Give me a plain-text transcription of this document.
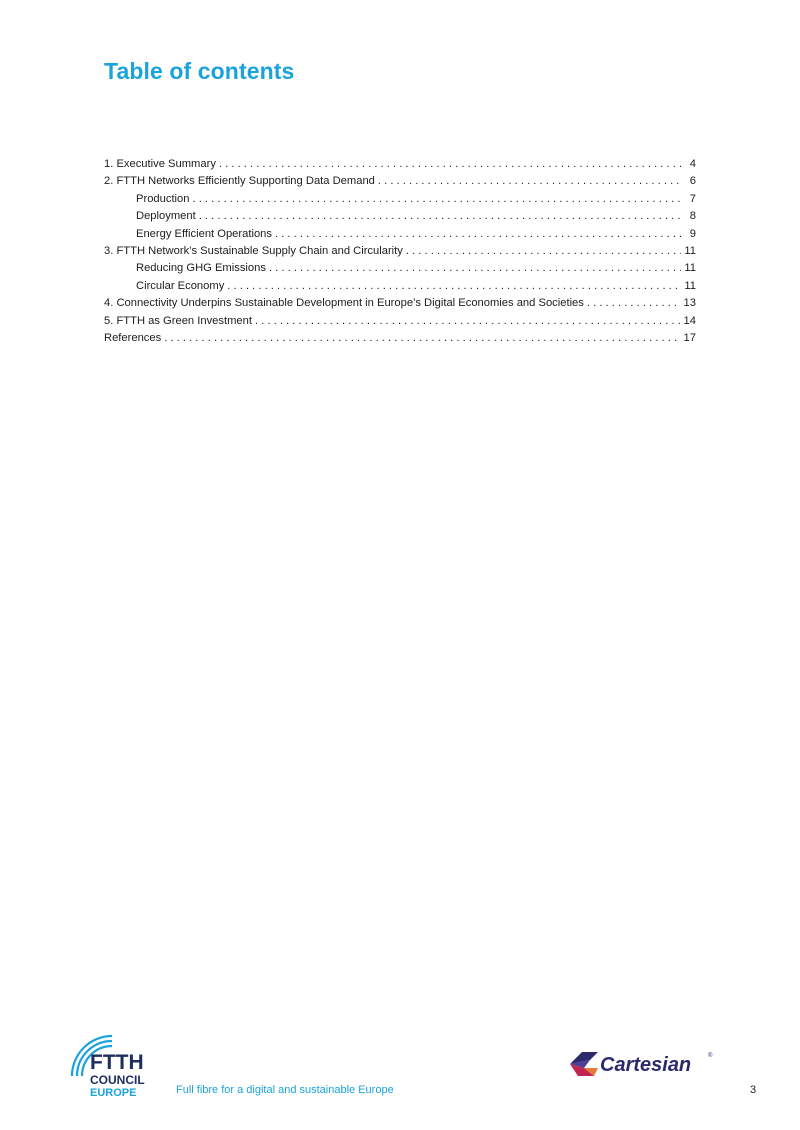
Table of contents
1. Executive Summary . . .	4
2. FTTH Networks Efficiently Supporting Data Demand . . .	6
Production . . .	7
Deployment . . .	8
Energy Efficient Operations . . .	9
3. FTTH Network’s Sustainable Supply Chain and Circularity . . .	11
Reducing GHG Emissions . . .	11
Circular Economy . . .	11
4. Connectivity Underpins Sustainable Development in Europe’s Digital Economies and Societies . . .	13
5. FTTH as Green Investment . . .	14
References . . .	17
FTTH
COUNCIL
EUROPE	Full fibre for a digital and sustainable Europe
Cartesian	®
3
